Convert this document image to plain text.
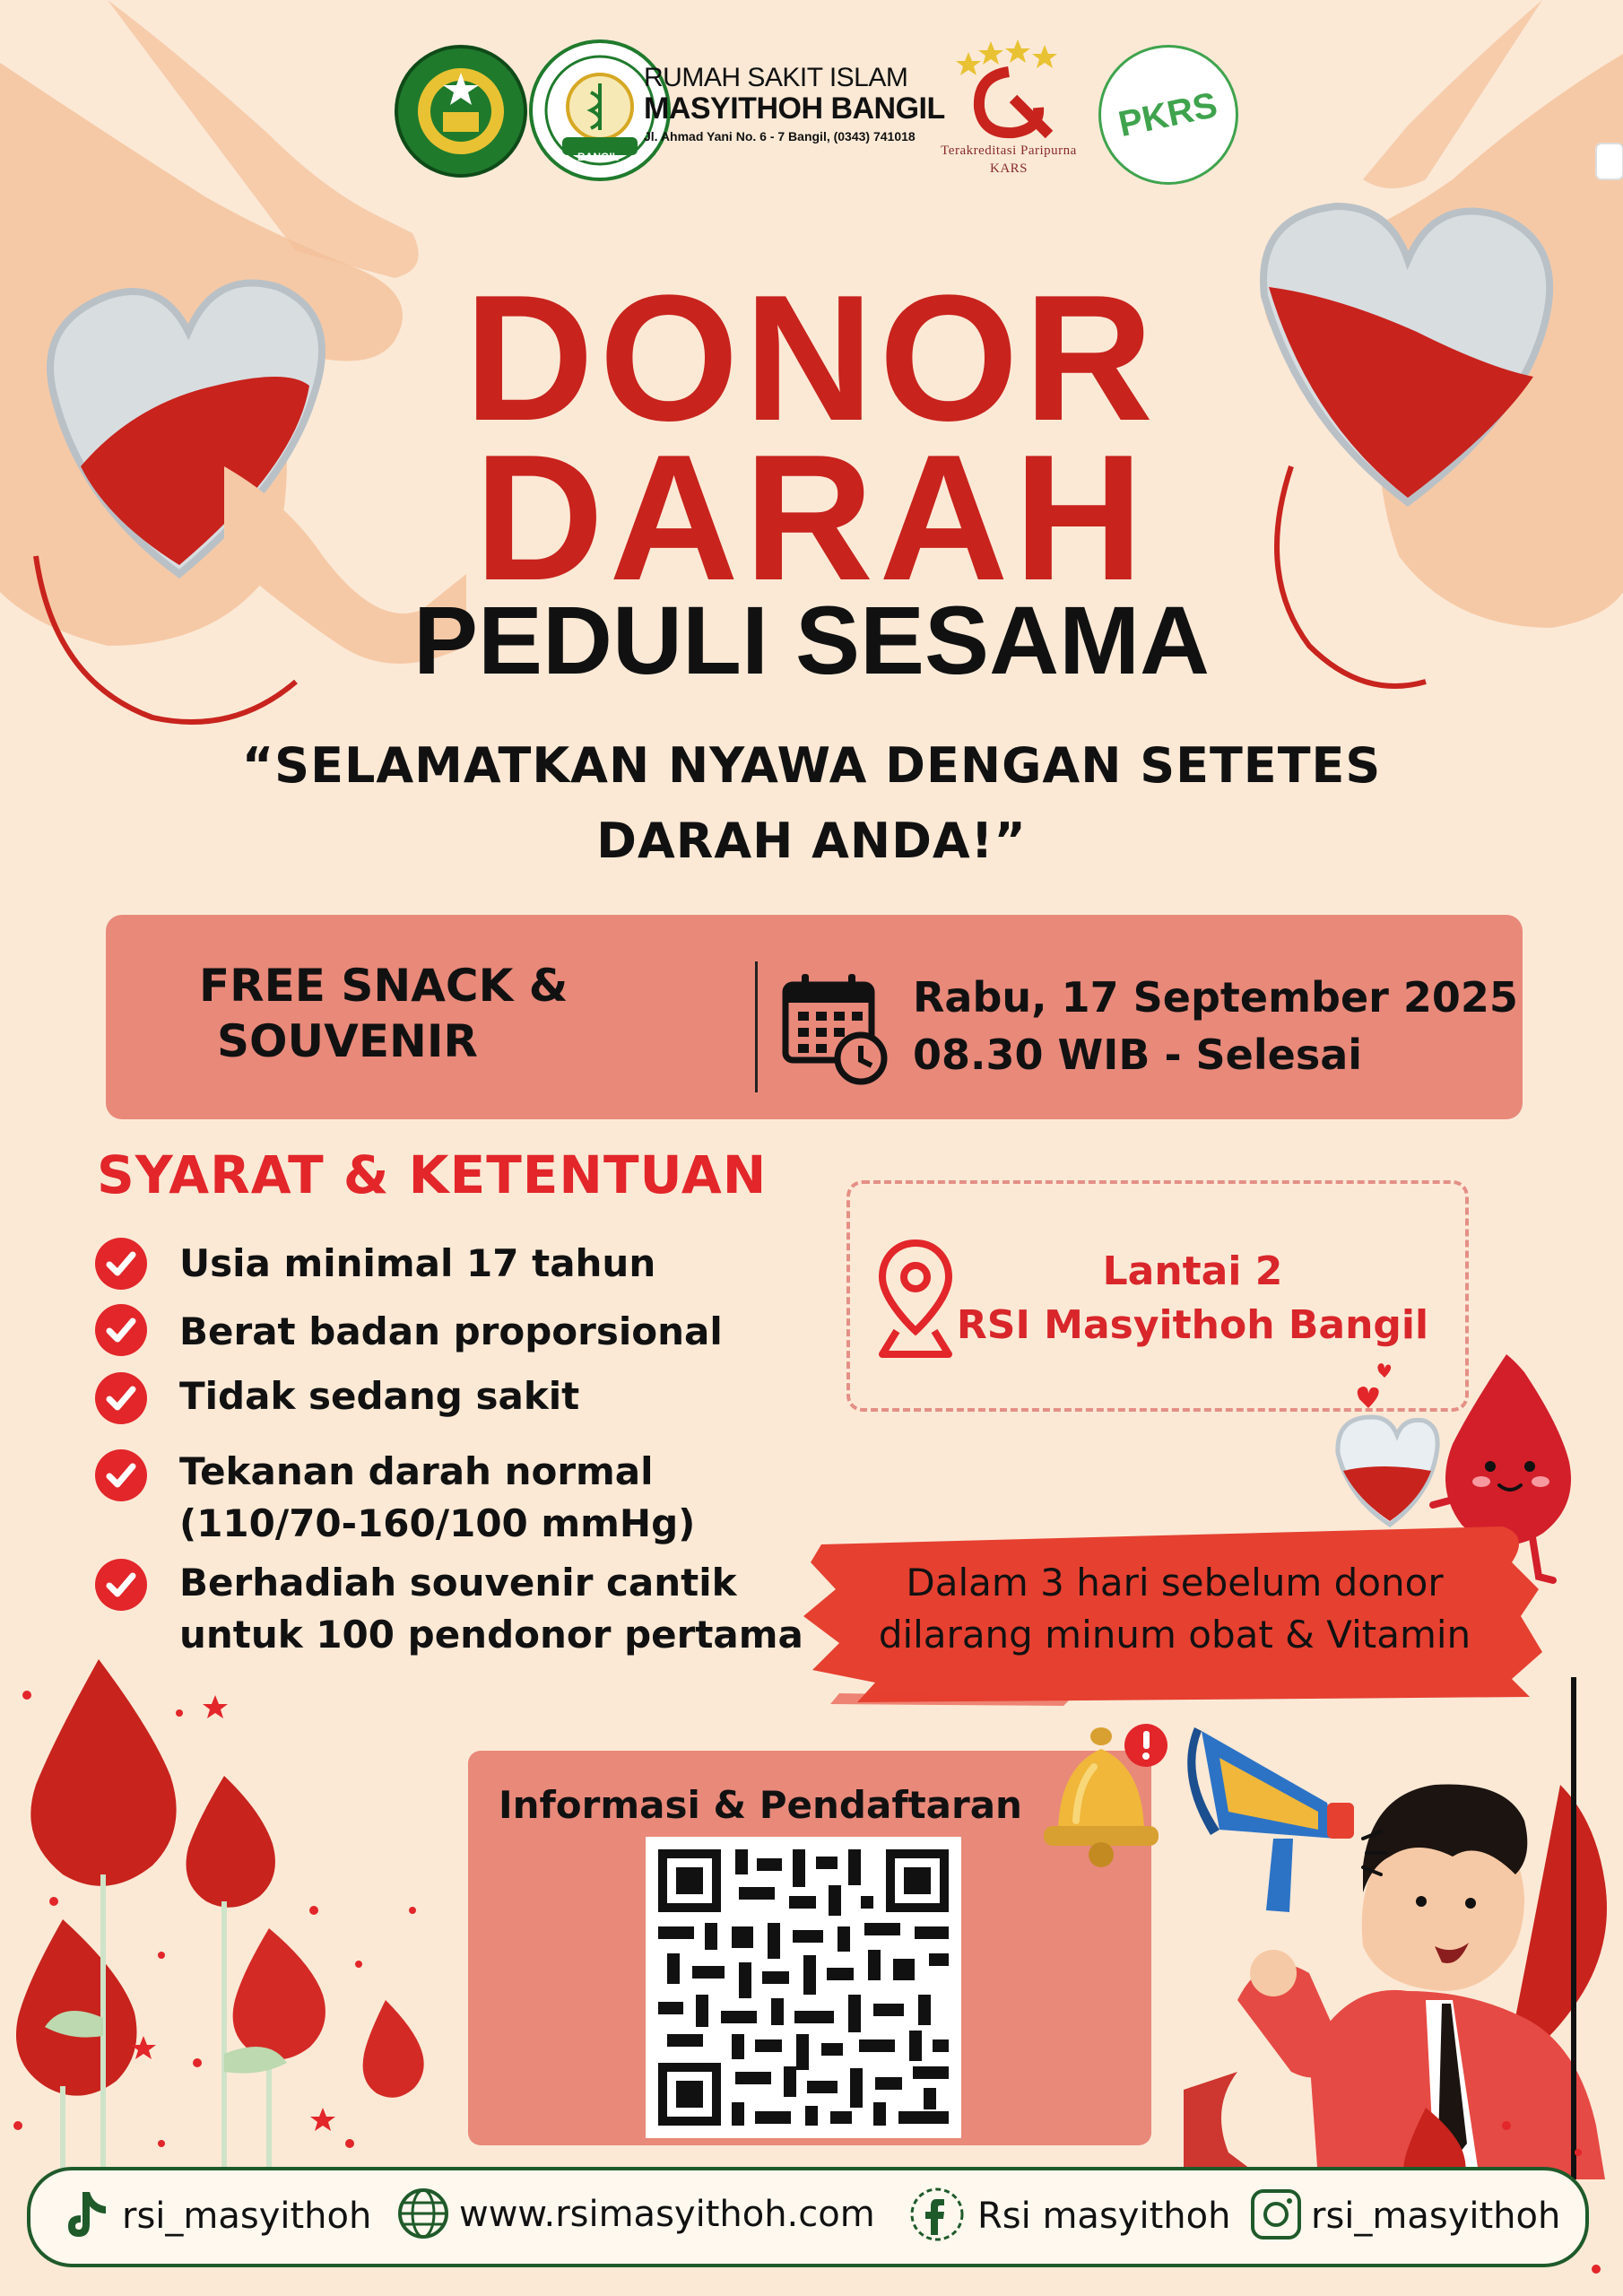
BANGIL
RUMAH SAKIT ISLAM
MASYITHOH BANGIL
Jl. Ahmad Yani No. 6 - 7 Bangil, (0343) 741018
Terakreditasi Paripurna
KARS
PKRS
DONOR
DARAH
PEDULI SESAMA
“SELAMATKAN NYAWA DENGAN SETETES
DARAH ANDA!”
FREE SNACK &
SOUVENIR
Rabu, 17 September 2025
08.30 WIB - Selesai
SYARAT & KETENTUAN
Usia minimal 17 tahun
Berat badan proporsional
Tidak sedang sakit
Tekanan darah normal
(110/70-160/100 mmHg)
Berhadiah souvenir cantik
untuk 100 pendonor pertama
Lantai 2
RSI Masyithoh Bangil
Dalam 3 hari sebelum donor
dilarang minum obat & Vitamin
Informasi & Pendaftaran
rsi_masyithoh www.rsimasyithoh.com	Rsi masyithoh rsi_masyithoh
